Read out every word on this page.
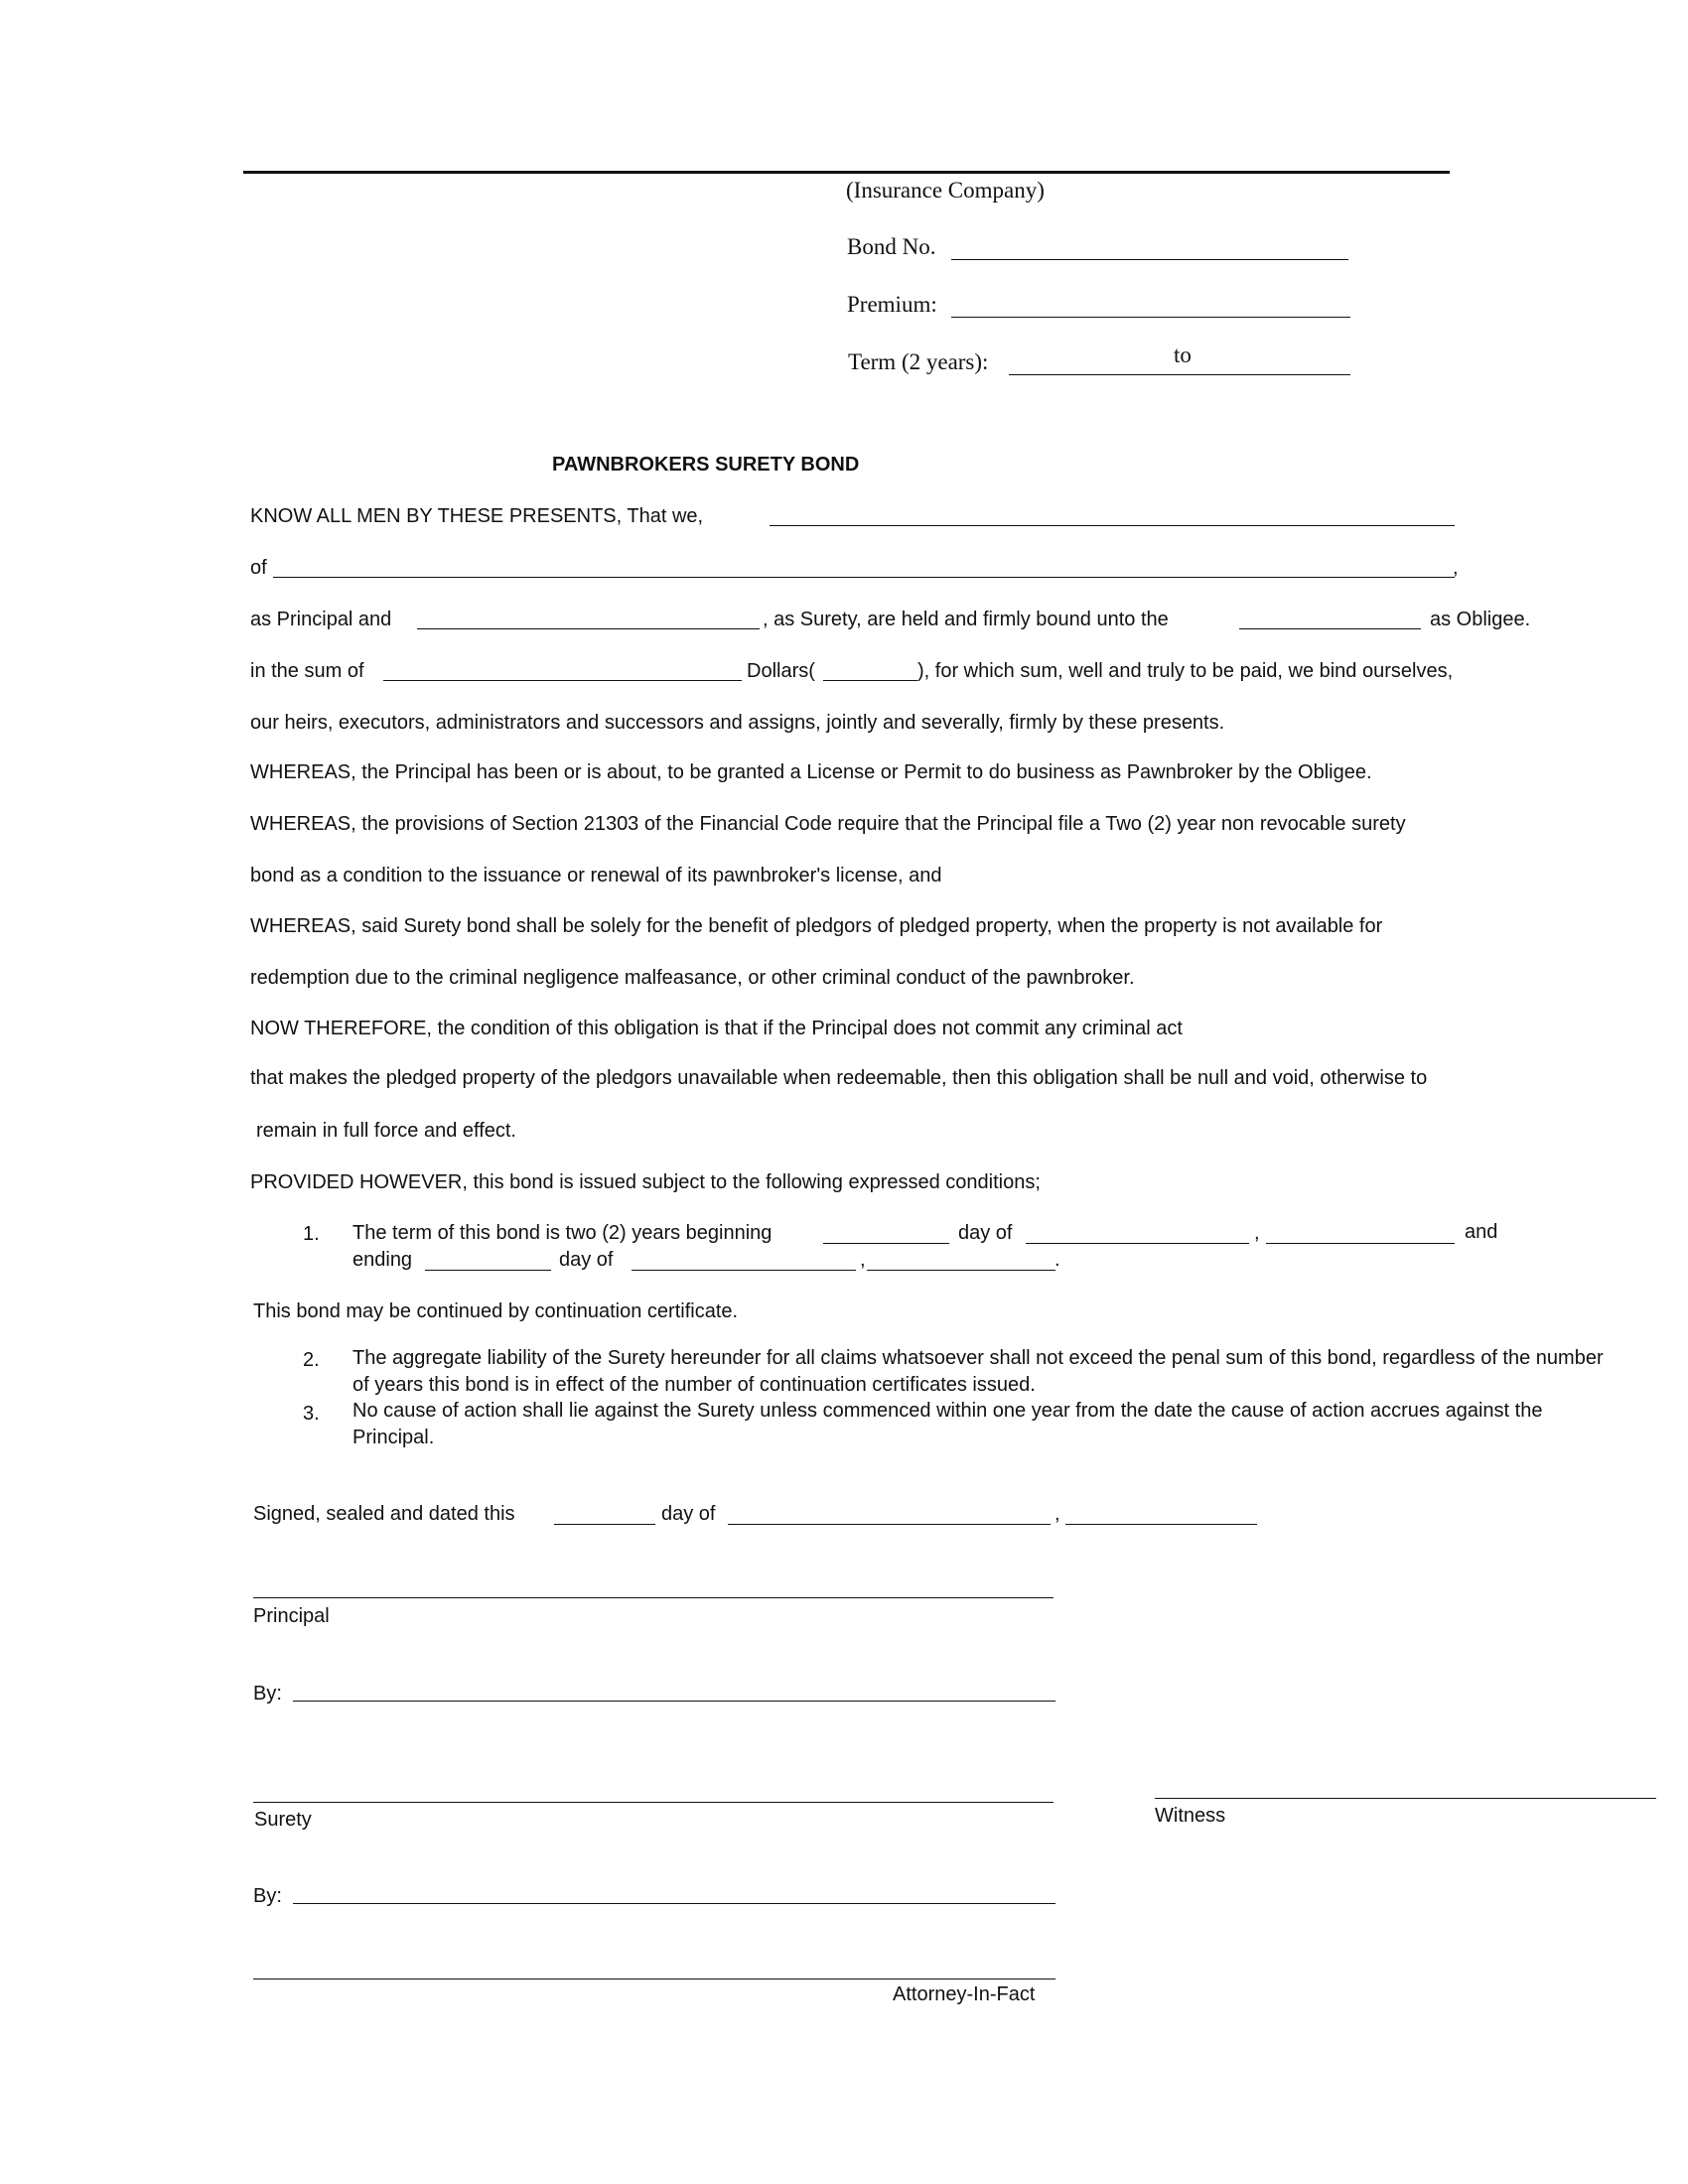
(Insurance Company)
Bond No.
Premium:
Term (2 years):	to
PAWNBROKERS SURETY BOND
KNOW ALL MEN BY THESE PRESENTS, That we,
of	,
as Principal and	, as Surety, are held and firmly bound unto the	as Obligee.
in the sum of	Dollars(	), for which sum, well and truly to be paid, we bind ourselves,
our heirs, executors, administrators and successors and assigns, jointly and severally, firmly by these presents.
WHEREAS, the Principal has been or is about, to be granted a License or Permit to do business as Pawnbroker by the Obligee.
WHEREAS, the provisions of Section 21303 of the Financial Code require that the Principal file a Two (2) year non revocable surety
bond as a condition to the issuance or renewal of its pawnbroker's license, and
WHEREAS, said Surety bond shall be solely for the benefit of pledgors of pledged property, when the property is not available for
redemption due to the criminal negligence malfeasance, or other criminal conduct of the pawnbroker.
NOW THEREFORE, the condition of this obligation is that if the Principal does not commit any criminal act
that makes the pledged property of the pledgors unavailable when redeemable, then this obligation shall be null and void, otherwise to
remain in full force and effect.
PROVIDED HOWEVER, this bond is issued subject to the following expressed conditions;
1. The term of this bond is two (2) years beginning	day of	,	and
ending	day of	,	.
This bond may be continued by continuation certificate.
2. The aggregate liability of the Surety hereunder for all claims whatsoever shall not exceed the penal sum of this bond, regardless of the number of years this bond is in effect of the number of continuation certificates issued.
3. No cause of action shall lie against the Surety unless commenced within one year from the date the cause of action accrues against the Principal.
Signed, sealed and dated this	day of	,
Principal
By:
Surety	Witness
By:
Attorney-In-Fact
